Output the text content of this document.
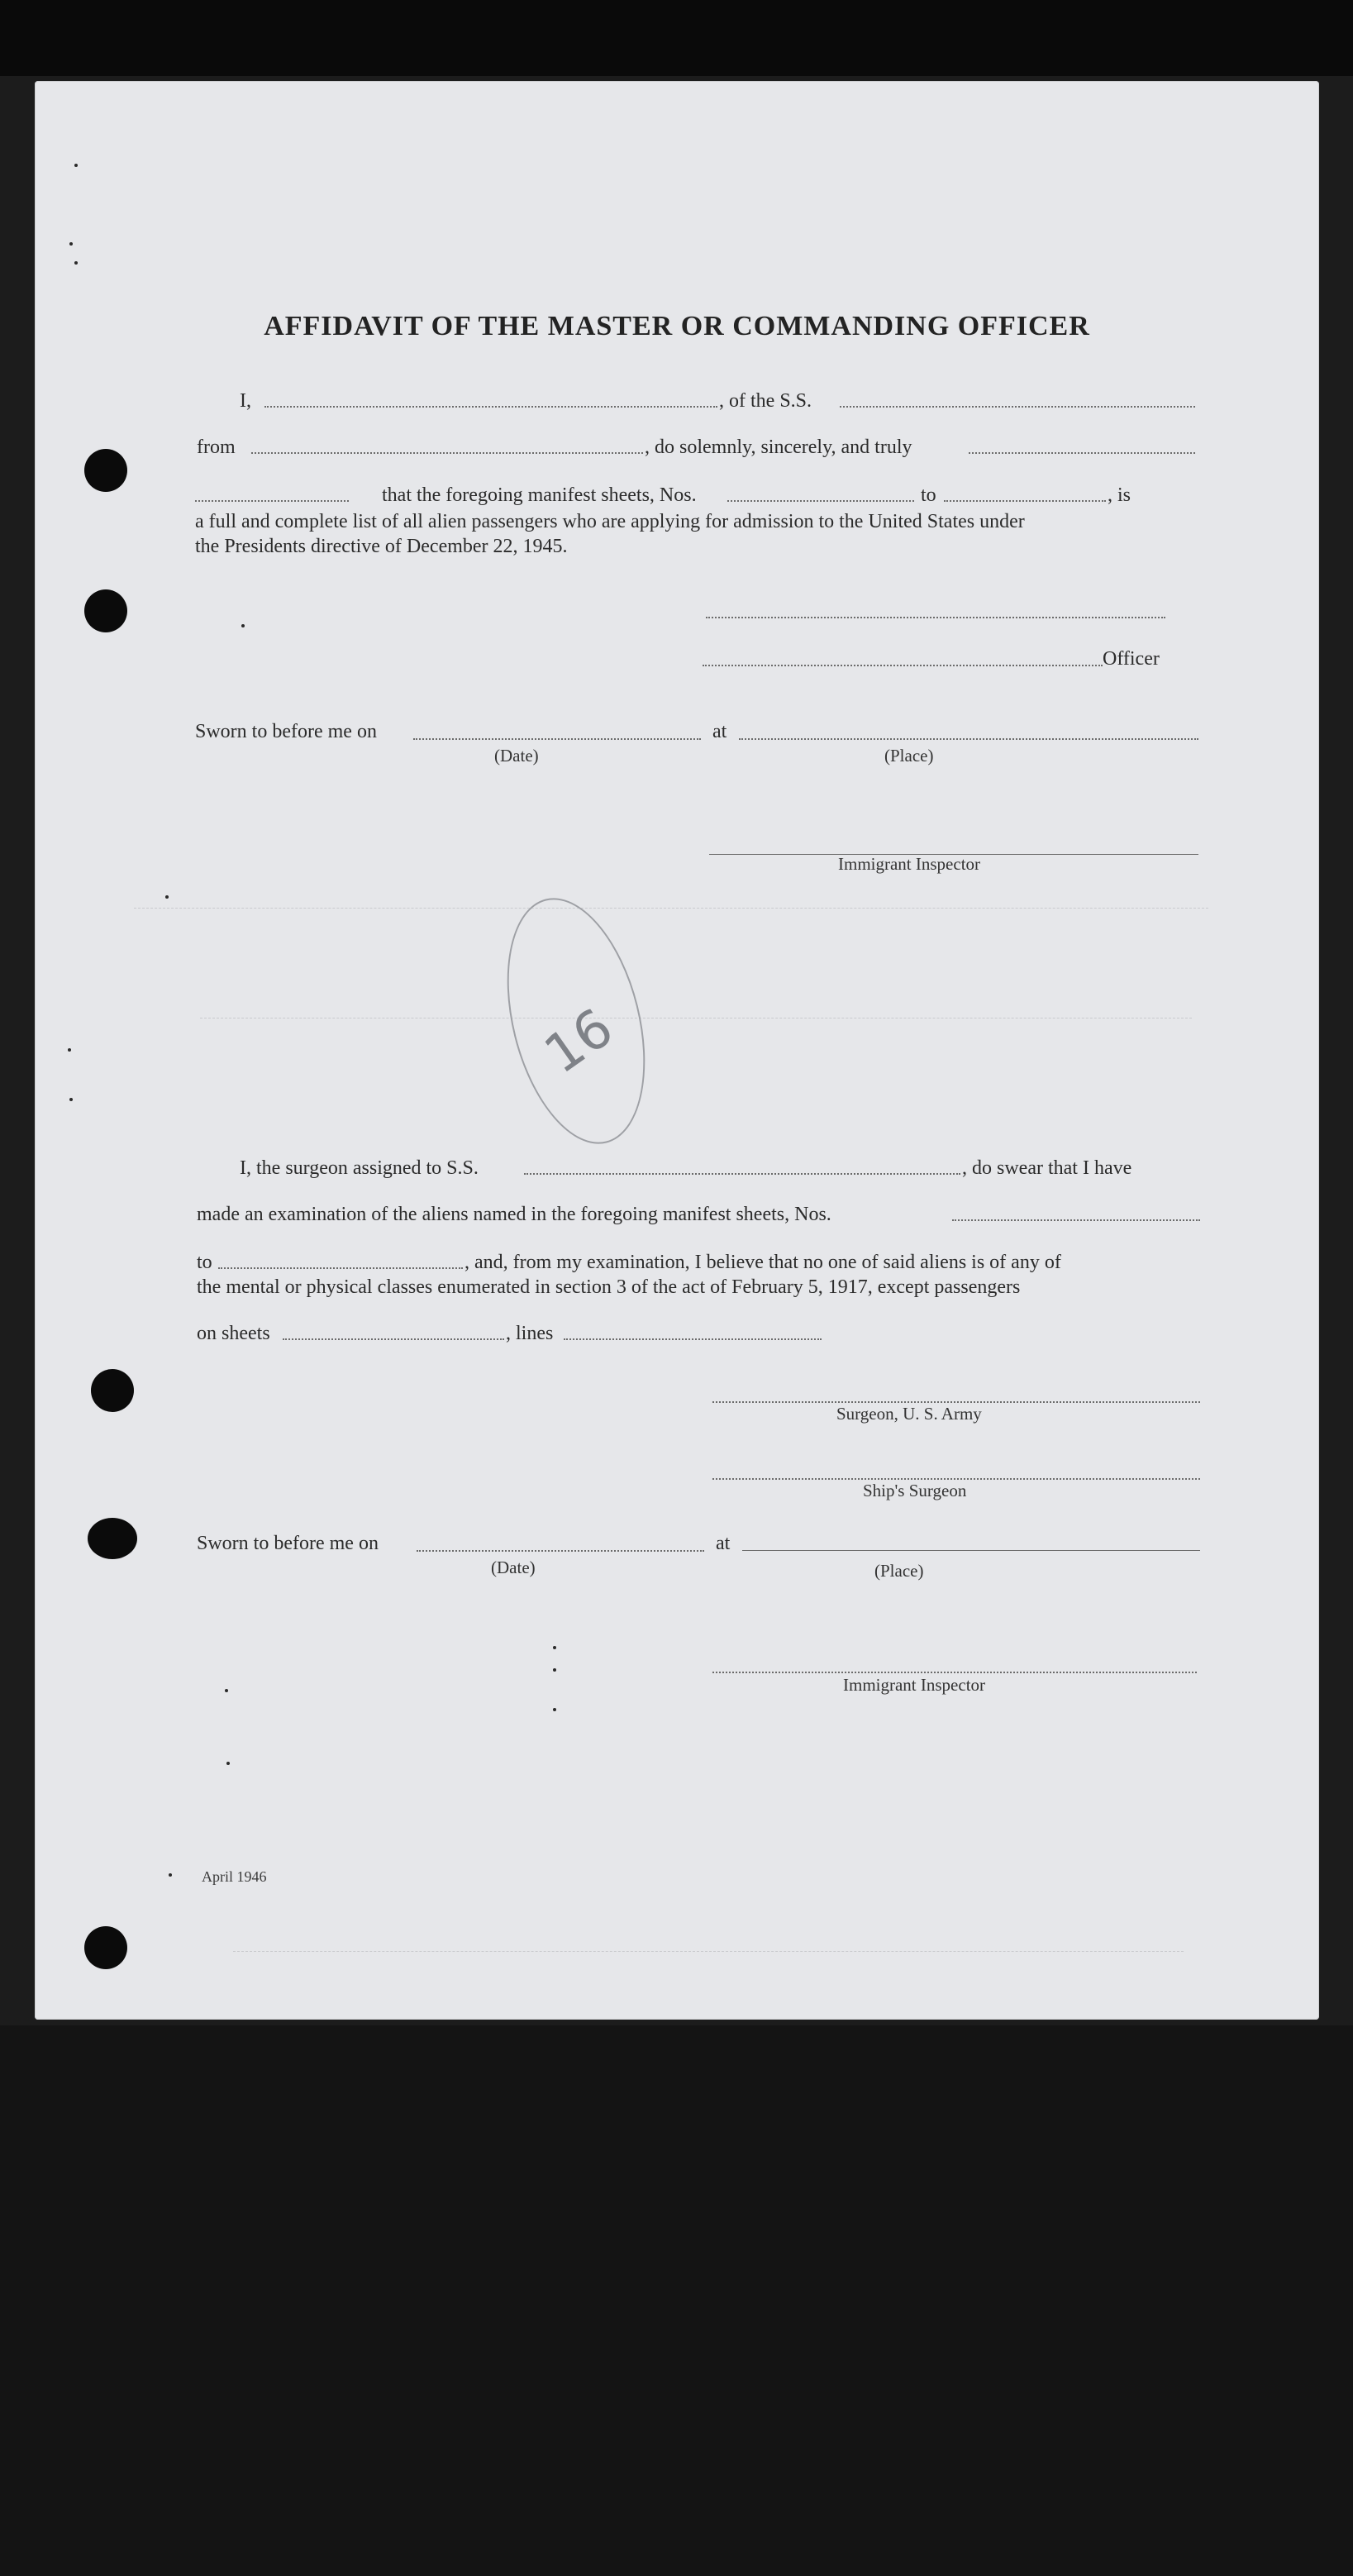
AFFIDAVIT OF THE MASTER OR COMMANDING OFFICER
I,	, of the S.S.
from	, do solemnly, sincerely, and truly
that the foregoing manifest sheets, Nos.	to	, is
a full and complete list of all alien passengers who are applying for admission to the United States under
the Presidents directive of December 22, 1945.
Officer
Sworn to before me on	at
(Date)	(Place)
Immigrant Inspector
16
I, the surgeon assigned to S.S.	, do swear that I have
made an examination of the aliens named in the foregoing manifest sheets, Nos.
to	, and, from my examination, I believe that no one of said aliens is of any of
the mental or physical classes enumerated in section 3 of the act of February 5, 1917, except passengers
on sheets	, lines
Surgeon, U. S. Army
Ship's Surgeon
Sworn to before me on	at
(Date)	(Place)
Immigrant Inspector
April 1946
